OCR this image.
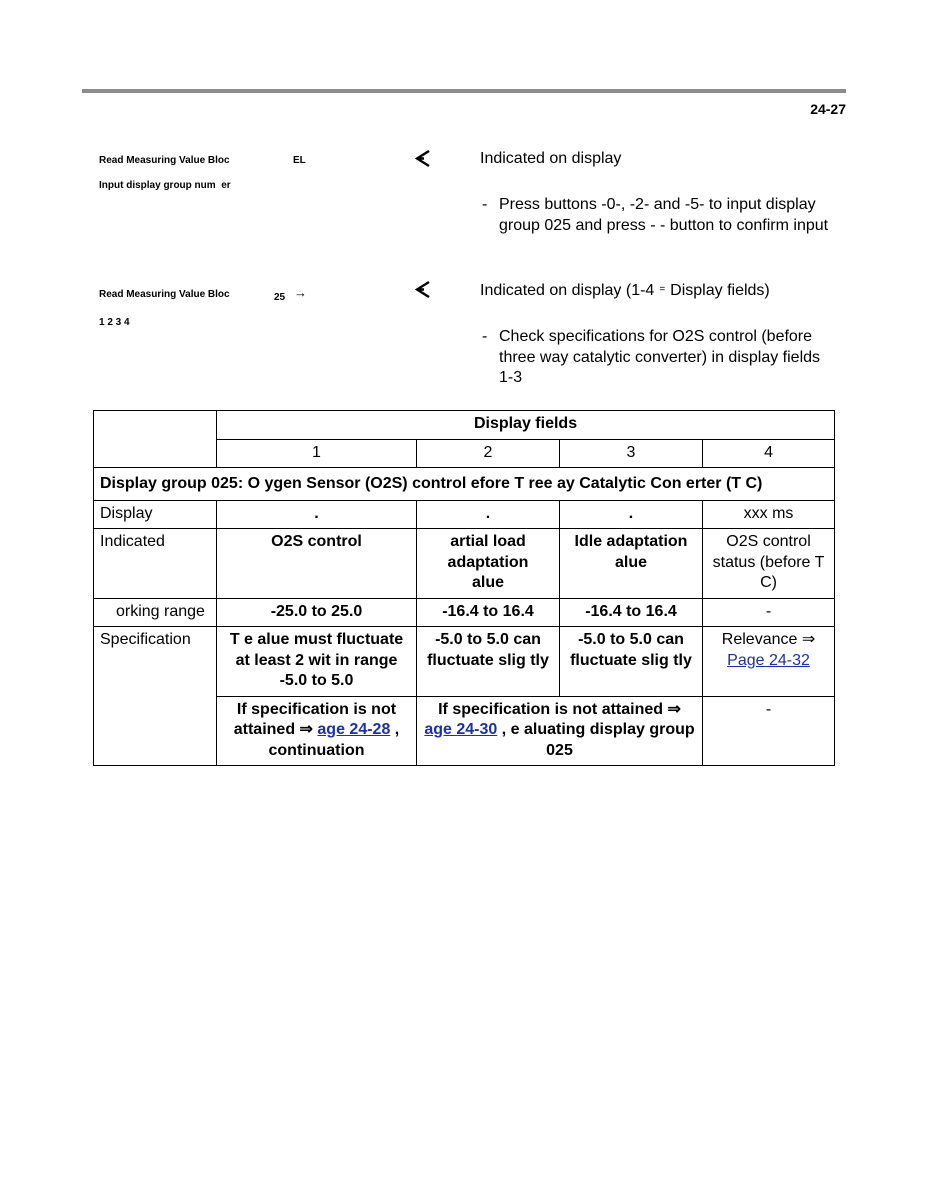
24-27
Read Measuring Value Bloc	EL
Input display group num  er
Indicated on display
- Press buttons -0-, -2- and -5- to input display group 025 and press - - button to confirm input
Read Measuring Value Bloc	25 →
1 2 3 4
Indicated on display (1-4 = Display fields)
- Check specifications for O2S control (before three way catalytic converter) in display fields 1-3
	Display fields			
	1	2	3	4
Display group 025: O ygen Sensor (O2S) control efore T ree ay Catalytic Con erter (T C)				
Display	.	.	.	xxx ms
Indicated	O2S control	artial load adaptation alue	Idle adaptation alue	O2S control status (before T C)
orking range	-25.0 to 25.0	-16.4 to 16.4	-16.4 to 16.4	-
Specification	T e alue must fluctuate at least 2 wit in range -5.0 to 5.0	-5.0 to 5.0 can fluctuate slig tly	-5.0 to 5.0 can fluctuate slig tly	Relevance ⇒ Page 24-32
	If specification is not attained ⇒ age 24-28 , continuation	If specification is not attained ⇒ age 24-30 , e aluating display group 025		-
